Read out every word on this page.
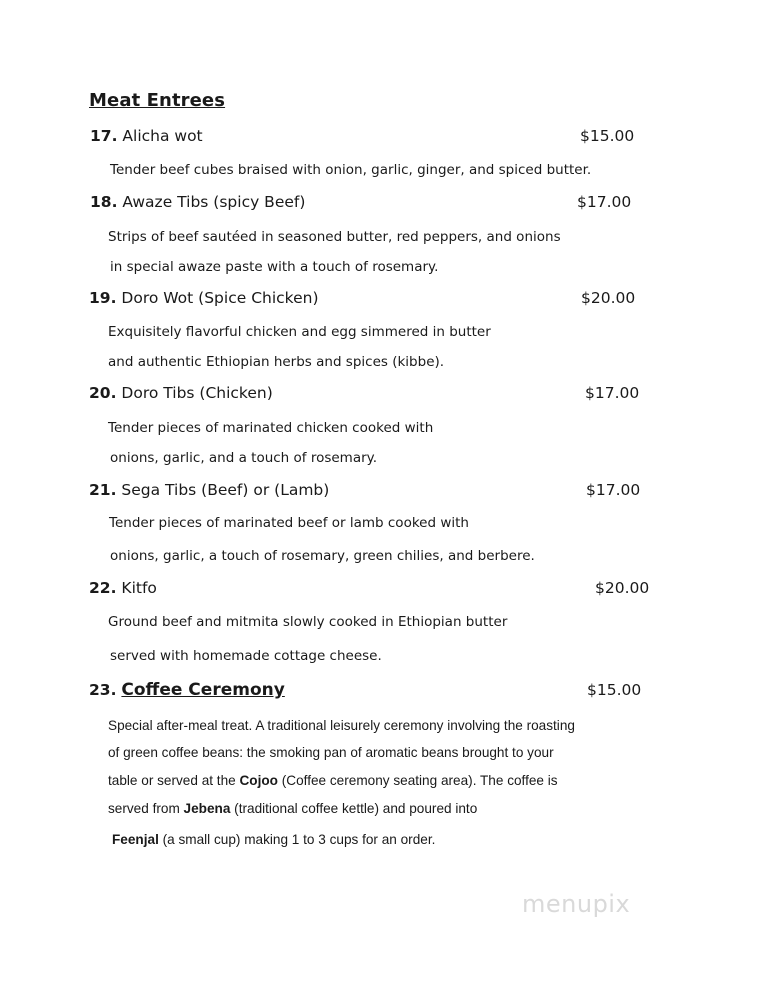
Meat Entrees
17. Alicha wot	$15.00
Tender beef cubes braised with onion, garlic, ginger, and spiced butter.
18. Awaze Tibs (spicy Beef)	$17.00
Strips of beef sautéed in seasoned butter, red peppers, and onions
in special awaze paste with a touch of rosemary.
19. Doro Wot (Spice Chicken)	$20.00
Exquisitely flavorful chicken and egg simmered in butter
and authentic Ethiopian herbs and spices (kibbe).
20. Doro Tibs (Chicken)	$17.00
Tender pieces of marinated chicken cooked with
onions, garlic, and a touch of rosemary.
21. Sega Tibs (Beef) or (Lamb)	$17.00
Tender pieces of marinated beef or lamb cooked with
onions, garlic, a touch of rosemary, green chilies, and berbere.
22. Kitfo	$20.00
Ground beef and mitmita slowly cooked in Ethiopian butter
served with homemade cottage cheese.
23. Coffee Ceremony	$15.00
Special after-meal treat. A traditional leisurely ceremony involving the roasting
of green coffee beans: the smoking pan of aromatic beans brought to your
table or served at the Cojoo (Coffee ceremony seating area). The coffee is
served from Jebena (traditional coffee kettle) and poured into
Feenjal (a small cup) making 1 to 3 cups for an order.
menupix
